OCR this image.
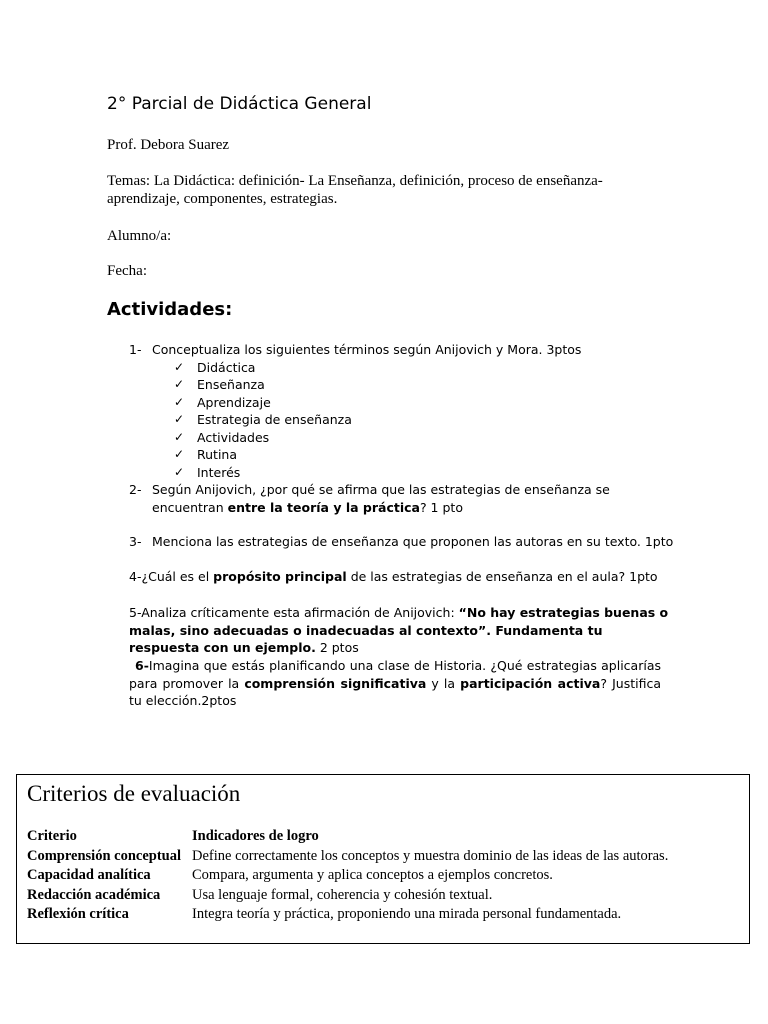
2° Parcial de Didáctica General
Prof. Debora Suarez
Temas: La Didáctica: definición- La Enseñanza, definición, proceso de enseñanza-aprendizaje, componentes, estrategias.
Alumno/a:
Fecha:
Actividades:
1- Conceptualiza los siguientes términos según Anijovich y Mora. 3ptos
✓ Didáctica
✓ Enseñanza
✓ Aprendizaje
✓ Estrategia de enseñanza
✓ Actividades
✓ Rutina
✓ Interés
2- Según Anijovich, ¿por qué se afirma que las estrategias de enseñanza se encuentran entre la teoría y la práctica? 1 pto
3- Menciona las estrategias de enseñanza que proponen las autoras en su texto. 1pto
4-¿Cuál es el propósito principal de las estrategias de enseñanza en el aula? 1pto
5-Analiza críticamente esta afirmación de Anijovich: “No hay estrategias buenas o malas, sino adecuadas o inadecuadas al contexto”. Fundamenta tu respuesta con un ejemplo. 2 ptos
6-Imagina que estás planificando una clase de Historia. ¿Qué estrategias aplicarías para promover la comprensión significativa y la participación activa? Justifica tu elección.2ptos
Criterios de evaluación
Criterio	Indicadores de logro
Comprensión conceptual	Define correctamente los conceptos y muestra dominio de las ideas de las autoras.
Capacidad analítica	Compara, argumenta y aplica conceptos a ejemplos concretos.
Redacción académica	Usa lenguaje formal, coherencia y cohesión textual.
Reflexión crítica	Integra teoría y práctica, proponiendo una mirada personal fundamentada.
